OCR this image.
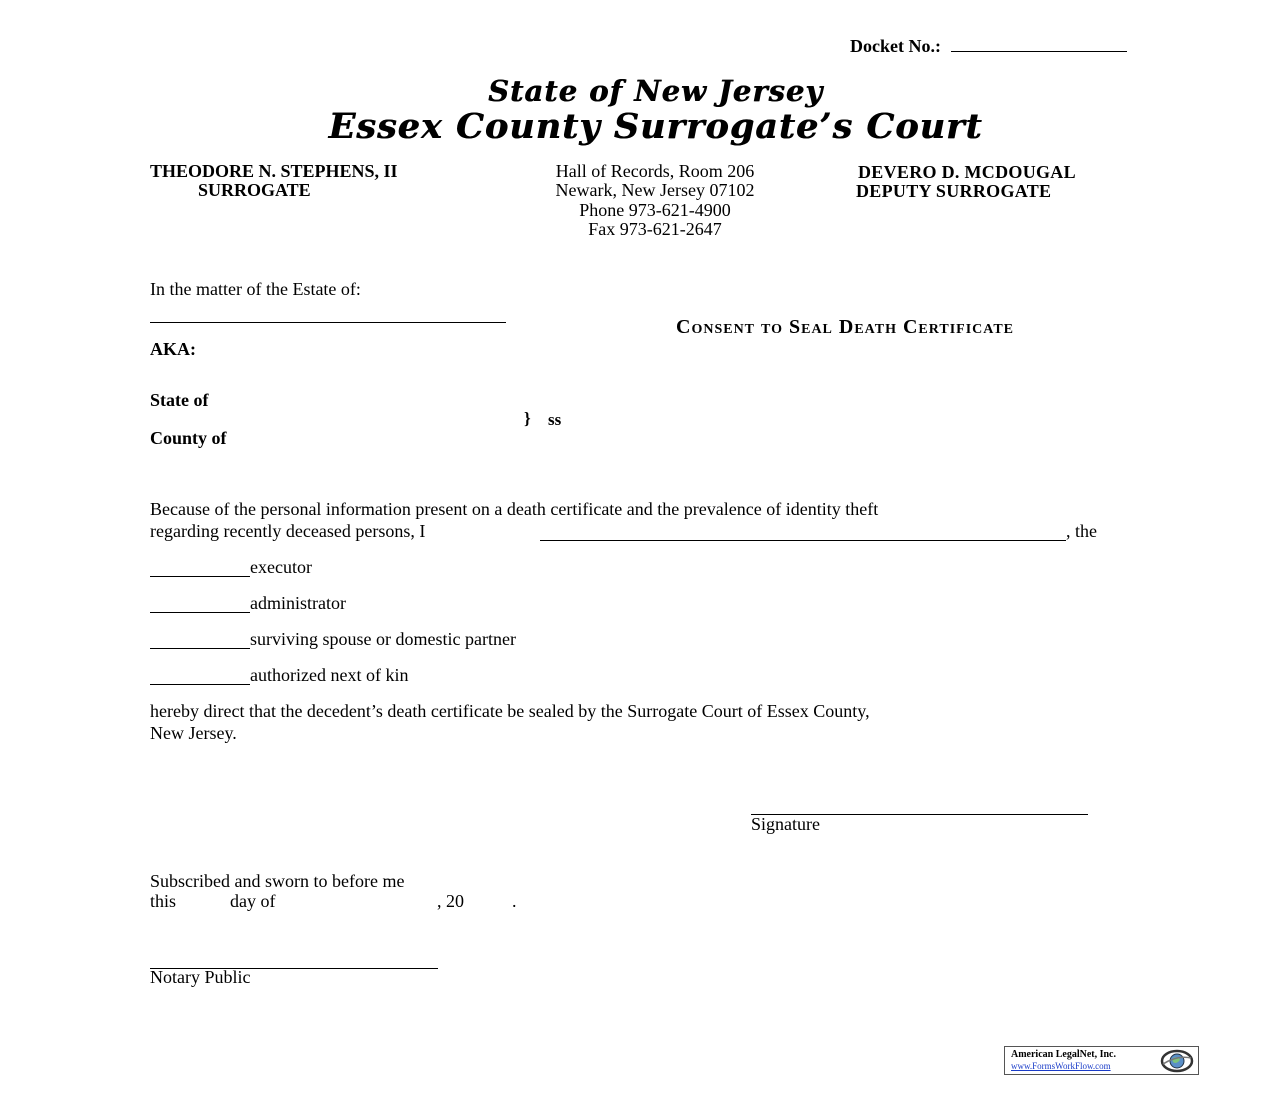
Docket No.:
State of New Jersey
Essex County Surrogate’s Court
THEODORE N. STEPHENS, II
SURROGATE
Hall of Records, Room 206
Newark, New Jersey 07102
Phone 973-621-4900
Fax 973-621-2647
DEVERO D. MCDOUGAL
DEPUTY SURROGATE
In the matter of the Estate of:
AKA:
Consent to Seal Death Certificate
State of
} ss
County of
Because of the personal information present on a death certificate and the prevalence of identity theft
regarding recently deceased persons, I	, the
executor
administrator
surviving spouse or domestic partner
authorized next of kin
hereby direct that the decedent’s death certificate be sealed by the Surrogate Court of Essex County,
New Jersey.
Signature
Subscribed and sworn to before me
this	day of	, 20	.
Notary Public
American LegalNet, Inc.
www.FormsWorkFlow.com
